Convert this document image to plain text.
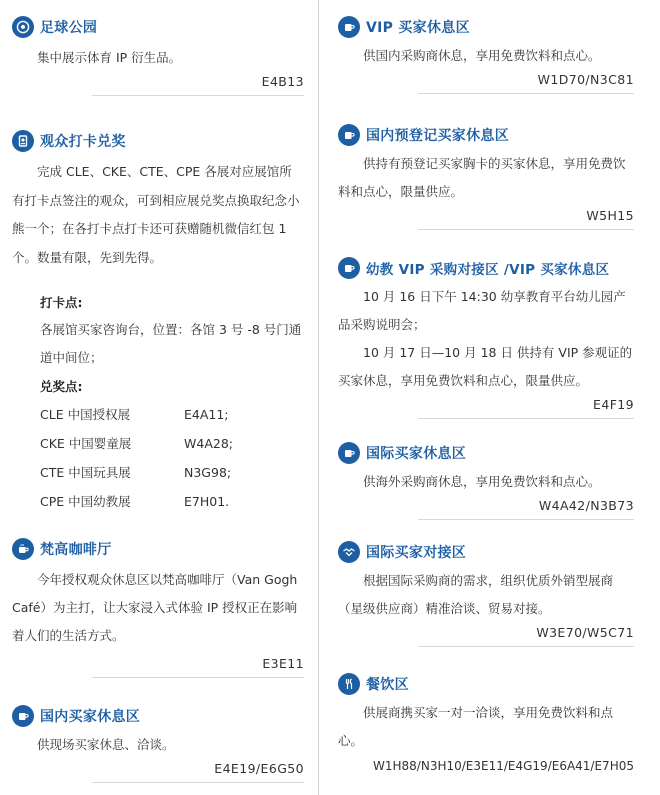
足球公园
集中展示体育 IP 衍生品。
E4B13
观众打卡兑奖
完成 CLE、CKE、CTE、CPE 各展对应展馆所有打卡点签注的观众，可到相应展兑奖点换取纪念小熊一个；在各打卡点打卡还可获赠随机微信红包 1 个。数量有限，先到先得。
打卡点:
各展馆买家咨询台，位置：各馆 3 号 -8 号门通道中间位；
兑奖点:
CLE 中国授权展	E4A11;
CKE 中国婴童展	W4A28;
CTE 中国玩具展	N3G98;
CPE 中国幼教展	E7H01.
梵高咖啡厅
今年授权观众休息区以梵高咖啡厅（Van Gogh Café）为主打，让大家浸入式体验 IP 授权正在影响着人们的生活方式。
E3E11
国内买家休息区
供现场买家休息、洽谈。
E4E19/E6G50
VIP 买家休息区
供国内采购商休息，享用免费饮料和点心。
W1D70/N3C81
国内预登记买家休息区
供持有预登记买家胸卡的买家休息，享用免费饮料和点心，限量供应。
W5H15
幼教 VIP 采购对接区 /VIP 买家休息区
10 月 16 日下午 14:30 幼享教育平台幼儿园产品采购说明会；
10 月 17 日—10 月 18 日 供持有 VIP 参观证的买家休息，享用免费饮料和点心，限量供应。
E4F19
国际买家休息区
供海外采购商休息，享用免费饮料和点心。
W4A42/N3B73
国际买家对接区
根据国际采购商的需求，组织优质外销型展商（星级供应商）精准洽谈、贸易对接。
W3E70/W5C71
餐饮区
供展商携买家一对一洽谈，享用免费饮料和点心。
W1H88/N3H10/E3E11/E4G19/E6A41/E7H05
